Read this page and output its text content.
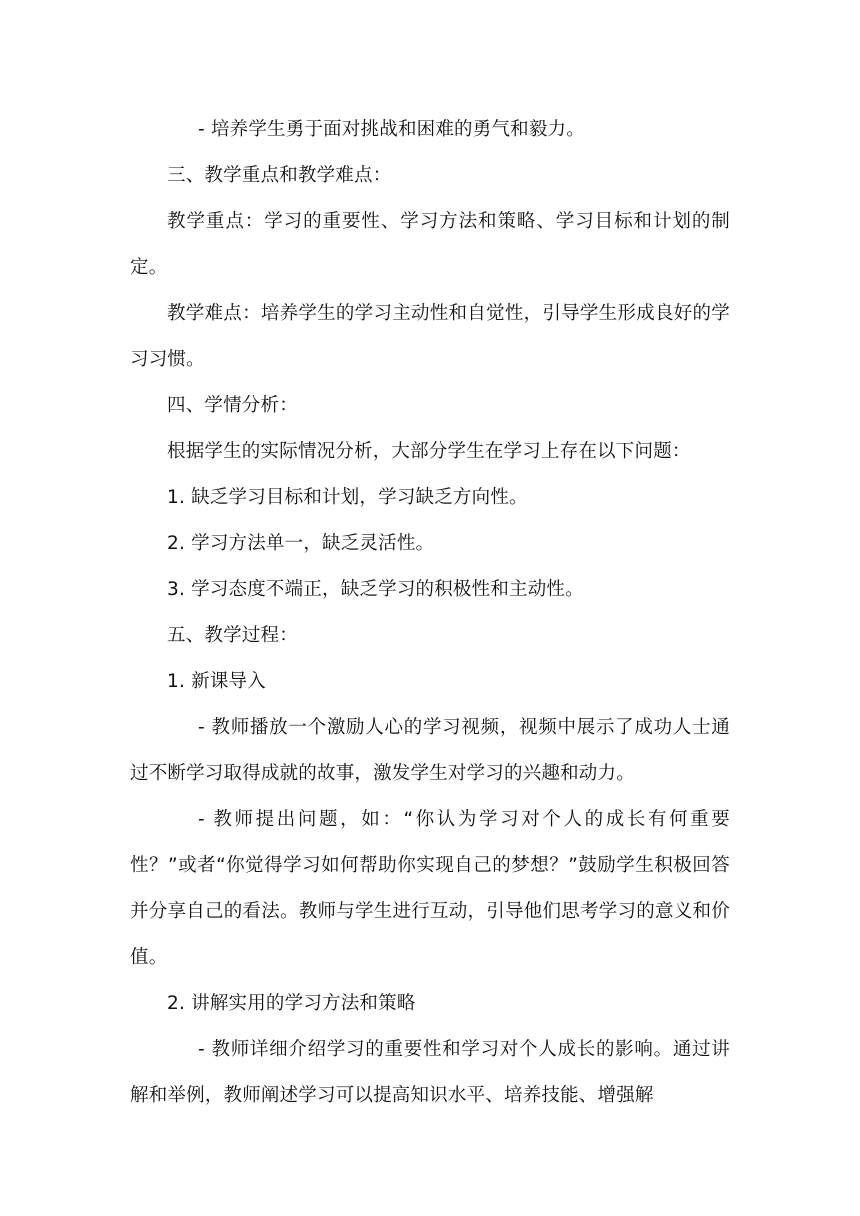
- 培养学生勇于面对挑战和困难的勇气和毅力。

三、教学重点和教学难点：

教学重点：学习的重要性、学习方法和策略、学习目标和计划的制定。

教学难点：培养学生的学习主动性和自觉性，引导学生形成良好的学习习惯。

四、学情分析：

根据学生的实际情况分析，大部分学生在学习上存在以下问题：

1. 缺乏学习目标和计划，学习缺乏方向性。

2. 学习方法单一，缺乏灵活性。

3. 学习态度不端正，缺乏学习的积极性和主动性。

五、教学过程：

1. 新课导入

- 教师播放一个激励人心的学习视频，视频中展示了成功人士通过不断学习取得成就的故事，激发学生对学习的兴趣和动力。

- 教师提出问题，如：“你认为学习对个人的成长有何重要性？”或者“你觉得学习如何帮助你实现自己的梦想？”鼓励学生积极回答并分享自己的看法。教师与学生进行互动，引导他们思考学习的意义和价值。

2. 讲解实用的学习方法和策略

- 教师详细介绍学习的重要性和学习对个人成长的影响。通过讲解和举例，教师阐述学习可以提高知识水平、培养技能、增强解
